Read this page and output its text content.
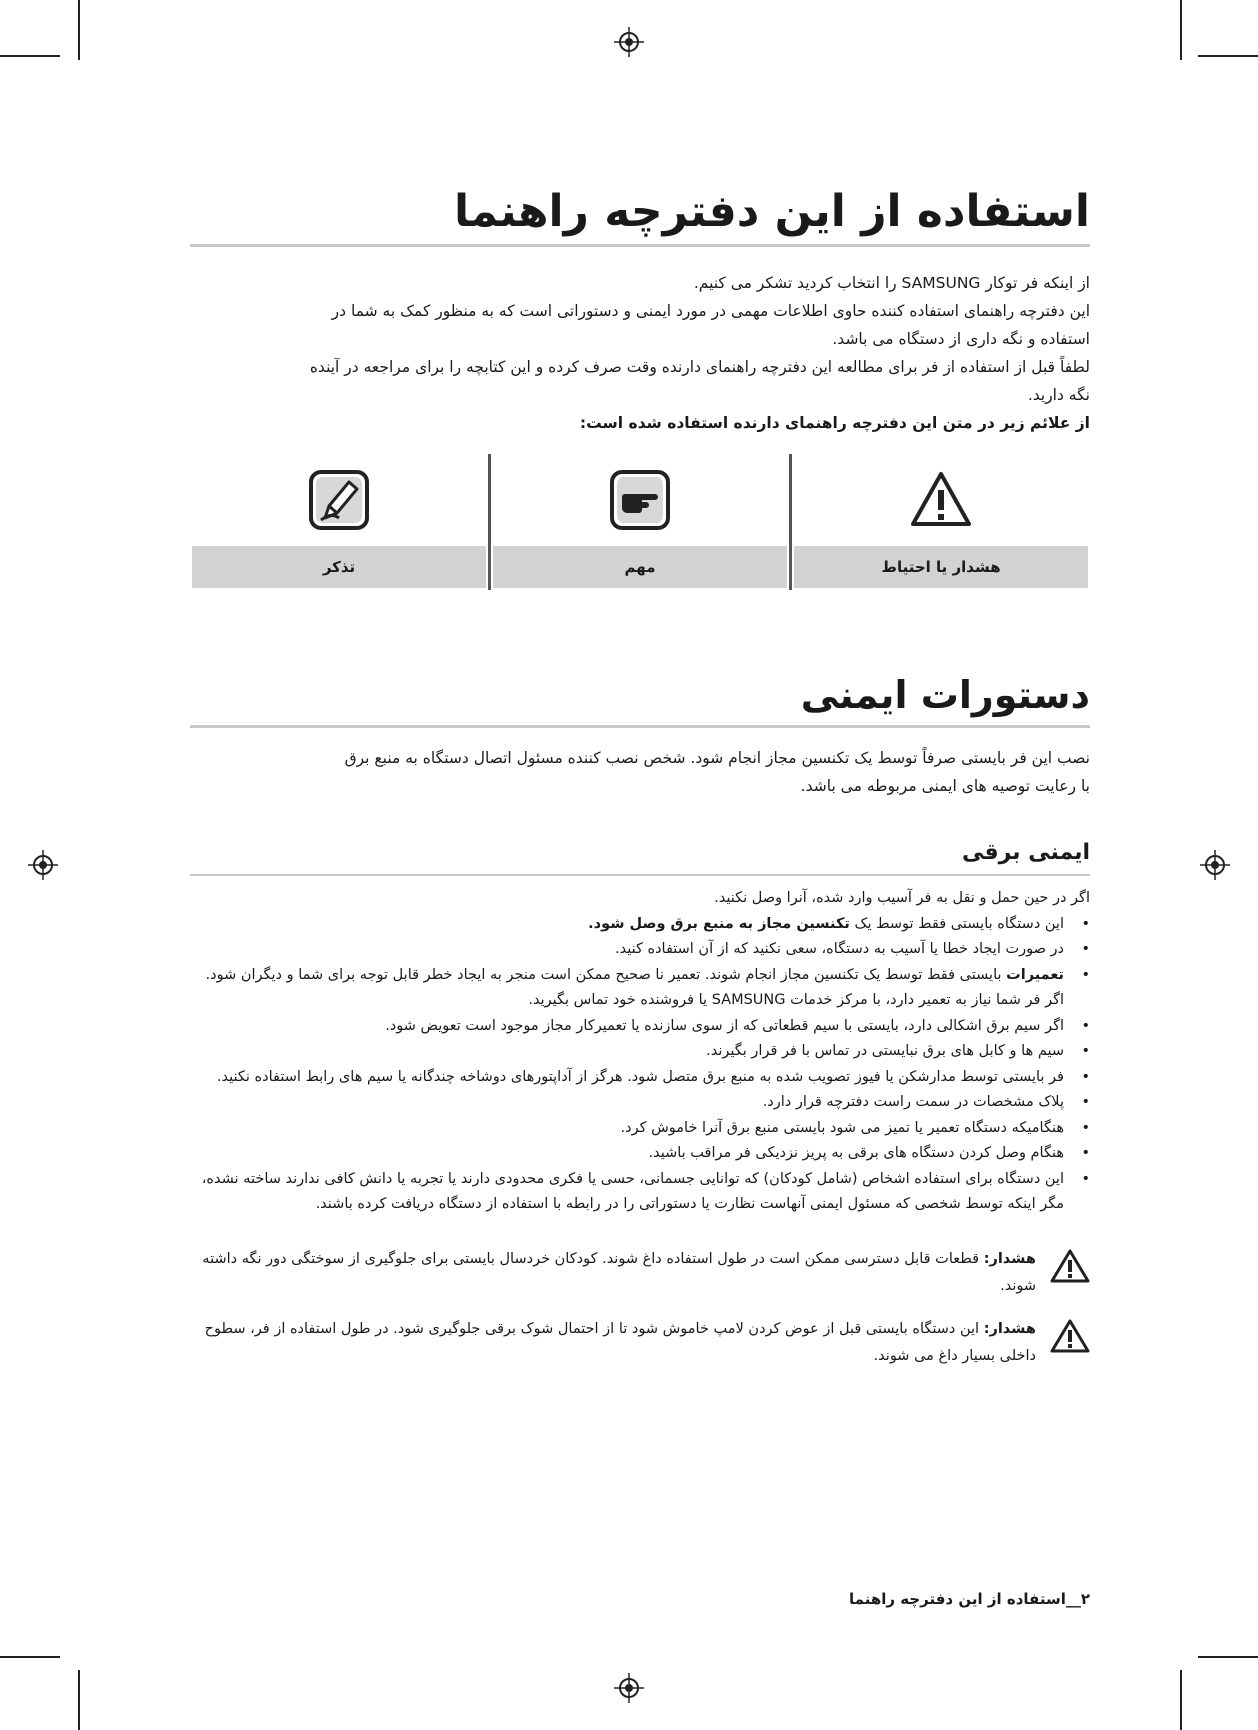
استفاده از این دفترچه راهنما

از اینکه فر توکار SAMSUNG را انتخاب کردید تشکر می کنیم.

این دفترچه راهنمای استفاده کننده حاوی اطلاعات مهمی در مورد ایمنی و دستوراتی است که به منظور کمک به شما در

استفاده و نگه داری از دستگاه می باشد.

لطفاً قبل از استفاده از فر برای مطالعه این دفترچه راهنمای دارنده وقت صرف کرده و این کتابچه را برای مراجعه در آینده

نگه دارید.

از علائم زیر در متن این دفترچه راهنمای دارنده استفاده شده است:

هشدار یا احتیاط
مهم
تذکر
دستورات ایمنی

نصب این فر بایستی صرفاً توسط یک تکنسین مجاز انجام شود. شخص نصب کننده مسئول اتصال دستگاه به منبع برق

با رعایت توصیه های ایمنی مربوطه می باشد.

ایمنی برقی

اگر در حین حمل و نقل به فر آسیب وارد شده، آنرا وصل نکنید.

• این دستگاه بایستی فقط توسط یک تکنسین مجاز به منبع برق وصل شود.
• در صورت ایجاد خطا یا آسیب به دستگاه، سعی نکنید که از آن استفاده کنید.
• تعمیرات بایستی فقط توسط یک تکنسین مجاز انجام شوند. تعمیر نا صحیح ممکن است منجر به ایجاد خطر قابل توجه برای شما و دیگران شود. اگر فر شما نیاز به تعمیر دارد، با مرکز خدمات SAMSUNG یا فروشنده خود تماس بگیرید.
• اگر سیم برق اشکالی دارد، بایستی با سیم قطعاتی که از سوی سازنده یا تعمیرکار مجاز موجود است تعویض شود.
• سیم ها و کابل های برق نبایستی در تماس با فر قرار بگیرند.
• فر بایستی توسط مدارشکن یا فیوز تصویب شده به منبع برق متصل شود. هرگز از آداپتورهای دوشاخه چندگانه یا سیم های رابط استفاده نکنید.
• پلاک مشخصات در سمت راست دفترچه قرار دارد.
• هنگامیکه دستگاه تعمیر یا تمیز می شود بایستی منبع برق آنرا خاموش کرد.
• هنگام وصل کردن دستگاه های برقی به پریز نزدیکی فر مراقب باشید.
• این دستگاه برای استفاده اشخاص (شامل کودکان) که توانایی جسمانی، حسی یا فکری محدودی دارند یا تجربه یا دانش کافی ندارند ساخته نشده، مگر اینکه توسط شخصی که مسئول ایمنی آنهاست نظارت یا دستوراتی را در رابطه با استفاده از دستگاه دریافت کرده باشند.
هشدار: قطعات قابل دسترسی ممکن است در طول استفاده داغ شوند. کودکان خردسال بایستی برای جلوگیری از سوختگی دور نگه داشته شوند.
هشدار: این دستگاه بایستی قبل از عوض کردن لامپ خاموش شود تا از احتمال شوک برقی جلوگیری شود. در طول استفاده از فر، سطوح داخلی بسیار داغ می شوند.
۲__استفاده از این دفترچه راهنما
